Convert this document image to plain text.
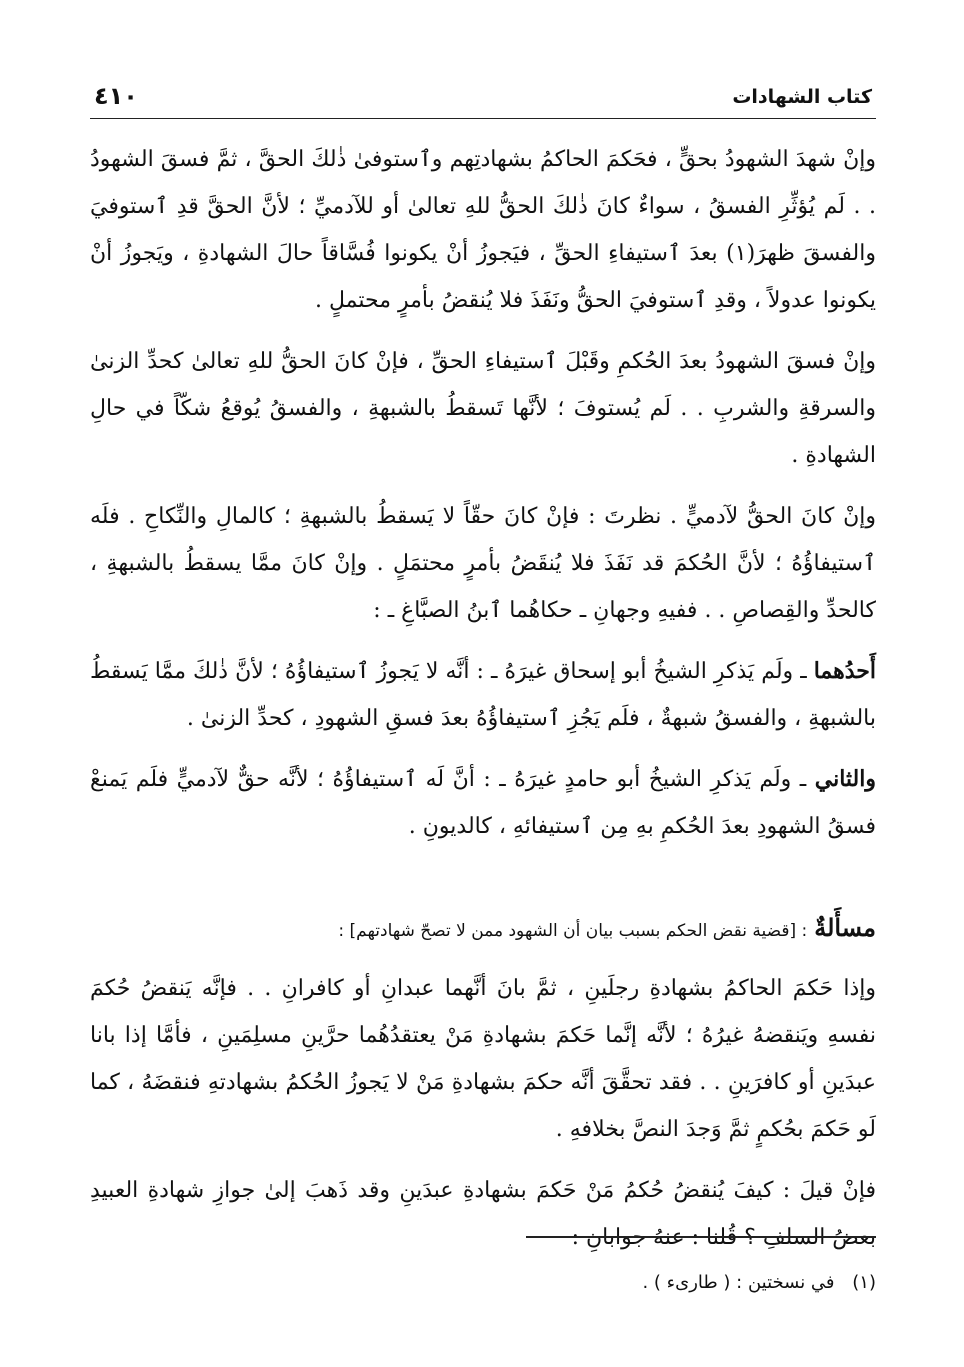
كتاب الشهادات
٤١٠

وإنْ شهدَ الشهودُ بحقٍّ ، فحَكمَ الحاكمُ بشهادتِهم وٱستوفىٰ ذٰلكَ الحقَّ ، ثمَّ فسقَ الشهودُ . . لَم يُؤثِّرِ الفسقُ ، سواءٌ كانَ ذٰلكَ الحقُّ للهِ تعالىٰ أو للآدميِّ ؛ لأنَّ الحقَّ قدِ ٱستوفيَ والفسقَ ظهرَ(١) بعدَ ٱستيفاءِ الحقِّ ، فيَجوزُ أنْ يكونوا فُسَّاقاً حالَ الشهادةِ ، ويَجوزُ أنْ يكونوا عدولاً ، وقدِ ٱستوفيَ الحقُّ ونَفَذَ فلا يُنقضُ بأمرٍ محتملٍ .

وإنْ فسقَ الشهودُ بعدَ الحُكمِ وقَبْلَ ٱستيفاءِ الحقِّ ، فإنْ كانَ الحقُّ للهِ تعالىٰ كحدِّ الزنىٰ والسرقةِ والشربِ . . لَم يُستوفَ ؛ لأنَّها تَسقطُ بالشبهةِ ، والفسقُ يُوقعُ شكّاً في حالِ الشهادةِ .

وإنْ كانَ الحقُّ لآدميٍّ . نظرتَ : فإنْ كانَ حقّاً لا يَسقطُ بالشبهةِ ؛ كالمالِ والنِّكاحِ . فلَه ٱستيفاؤُهُ ؛ لأنَّ الحُكمَ قد نَفَذَ فلا يُنقَضُ بأمرٍ محتمَلٍ . وإنْ كانَ ممَّا يسقطُ بالشبهةِ ، كالحدِّ والقِصاصِ . . ففيهِ وجهانِ ـ حكاهُما ٱبنُ الصبَّاغِ ـ :

أَحدُهما ـ ولَم يَذكرِ الشيخُ أبو إسحاق غيرَهُ ـ : أنَّه لا يَجوزُ ٱستيفاؤُهُ ؛ لأنَّ ذٰلكَ ممَّا يَسقطُ بالشبهةِ ، والفسقُ شبهةٌ ، فلَم يَجُزِ ٱستيفاؤُهُ بعدَ فسقِ الشهودِ ، كحدِّ الزنىٰ .

والثاني ـ ولَم يَذكرِ الشيخُ أبو حامدٍ غيرَهُ ـ : أنَّ لَه ٱستيفاؤُهُ ؛ لأنَّه حقٌّ لآدميٍّ فلَم يَمنعْ فسقُ الشهودِ بعدَ الحُكمِ بهِ مِن ٱستيفائهِ ، كالديونِ .

مسأَلةٌ : [قضية نقض الحكم بسبب بيان أن الشهود ممن لا تصحّ شهادتهم] :

وإذا حَكمَ الحاكمُ بشهادةِ رجلَينِ ، ثمَّ بانَ أنَّهما عبدانِ أو كافرانِ . . فإنَّه يَنقضُ حُكمَ نفسهِ ويَنقضهُ غيرُهُ ؛ لأنَّه إنَّما حَكمَ بشهادةِ مَنْ يعتقدُهُما حرَّينِ مسلِمَينِ ، فأمَّا إذا بانا عبدَينِ أو كافرَينِ . . فقد تحقَّقَ أنَّه حكمَ بشهادةِ مَنْ لا يَجوزُ الحُكمُ بشهادتهِ فنقضَهُ ، كما لَو حَكمَ بحُكمٍ ثمَّ وَجدَ النصَّ بخلافهِ .

فإنْ قيلَ : كيفَ يُنقضُ حُكمُ مَنْ حَكمَ بشهادةِ عبدَينِ وقد ذَهبَ إلىٰ جوازِ شهادةِ العبيدِ بعضُ السلفِ ؟ قُلنا : عنهُ جوابانِ :

(١) في نسختين : ( طارىء ) .
